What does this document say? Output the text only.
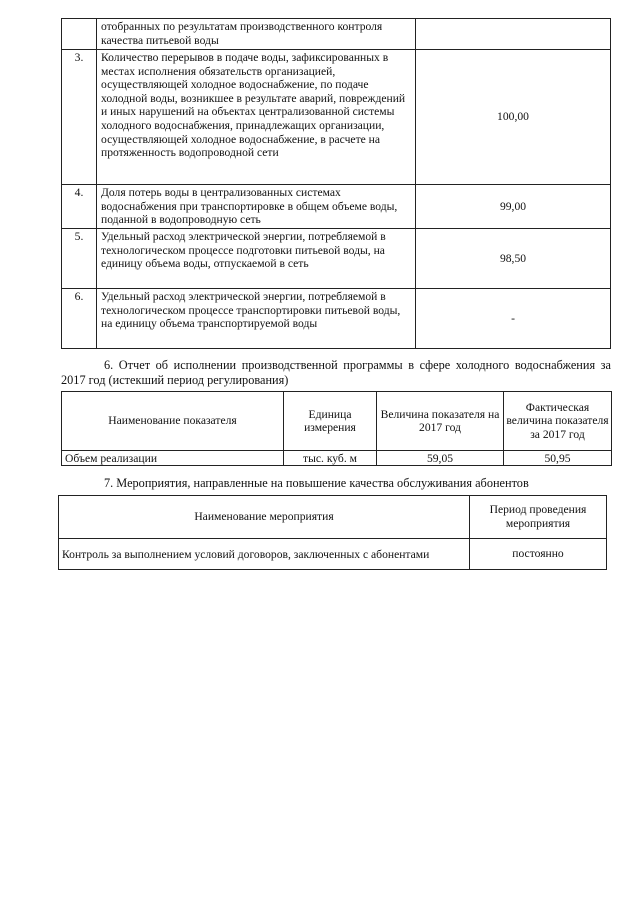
	отобранных по результатам производственного контроля качества питьевой воды	
3.	Количество перерывов в подаче воды, зафиксированных в местах исполнения обязательств организацией, осуществляющей холодное водоснабжение, по подаче холодной воды, возникшее в результате аварий, повреждений и иных нарушений на объектах централизованной системы холодного водоснабжения, принадлежащих организации, осуществляющей холодное водоснабжение, в расчете на протяженность водопроводной сети	100,00
4.	Доля потерь воды в централизованных системах водоснабжения при транспортировке в общем объеме воды, поданной в водопроводную сеть	99,00
5.	Удельный расход электрической энергии, потребляемой в технологическом процессе подготовки питьевой воды, на единицу объема воды, отпускаемой в сеть	98,50
6.	Удельный расход электрической энергии, потребляемой в технологическом процессе транспортировки питьевой воды, на единицу объема транспортируемой воды	-
6. Отчет об исполнении производственной программы в сфере холодного водоснабжения за 2017 год (истекший период регулирования)
Наименование показателя	Единица измерения	Величина показателя на 2017 год	Фактическая величина показателя за 2017 год
Объем реализации	тыс. куб. м	59,05	50,95
7. Мероприятия, направленные на повышение качества обслуживания абонентов
Наименование мероприятия	Период проведения мероприятия
Контроль за выполнением условий договоров, заключенных с абонентами	постоянно
